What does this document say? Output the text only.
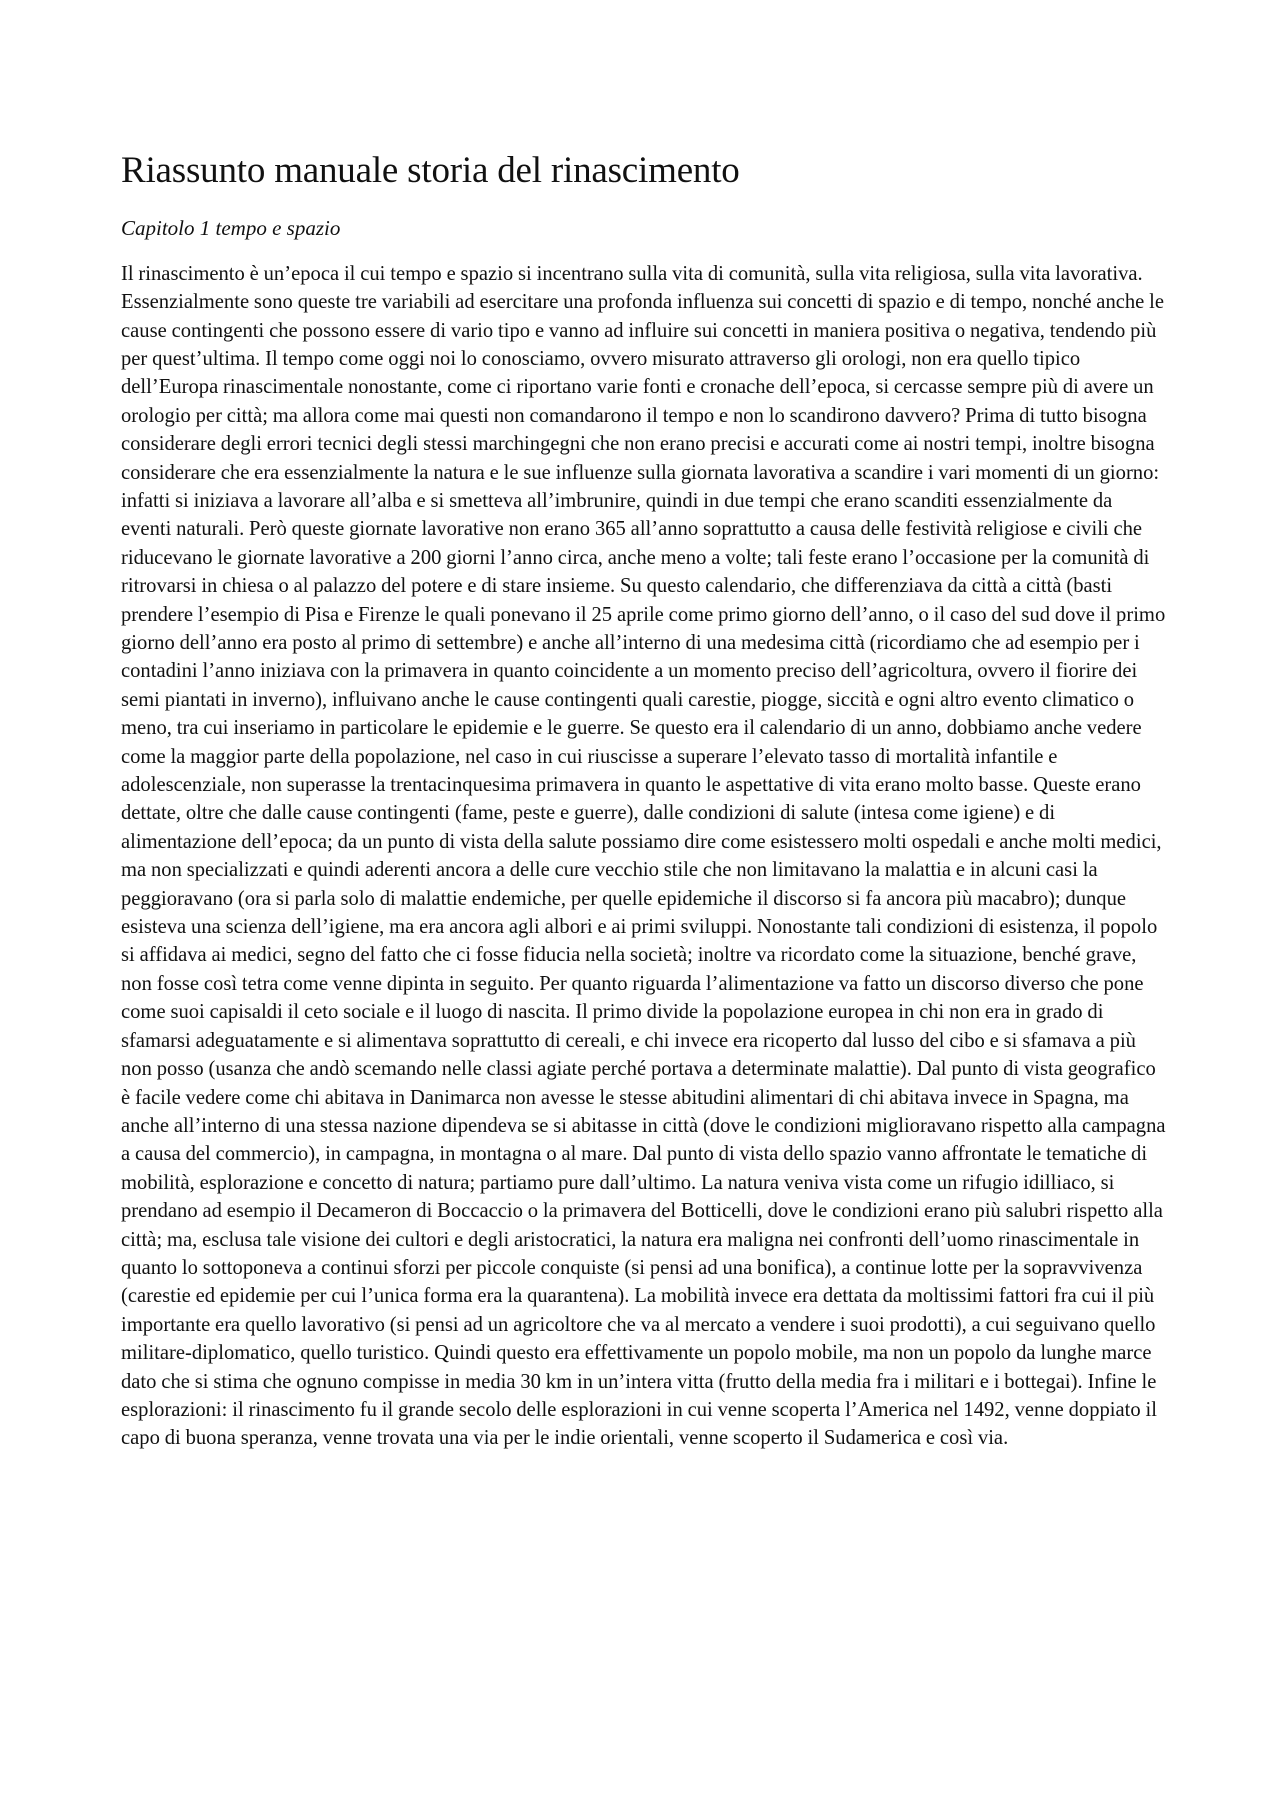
Riassunto manuale storia del rinascimento

Capitolo 1 tempo e spazio

Il rinascimento è un’epoca il cui tempo e spazio si incentrano sulla vita di comunità, sulla vita religiosa, sulla vita lavorativa. Essenzialmente sono queste tre variabili ad esercitare una profonda influenza sui concetti di spazio e di tempo, nonché anche le cause contingenti che possono essere di vario tipo e vanno ad influire sui concetti in maniera positiva o negativa, tendendo più per quest’ultima. Il tempo come oggi noi lo conosciamo, ovvero misurato attraverso gli orologi, non era quello tipico dell’Europa rinascimentale nonostante, come ci riportano varie fonti e cronache dell’epoca, si cercasse sempre più di avere un orologio per città; ma allora come mai questi non comandarono il tempo e non lo scandirono davvero? Prima di tutto bisogna considerare degli errori tecnici degli stessi marchingegni che non erano precisi e accurati come ai nostri tempi, inoltre bisogna considerare che era essenzialmente la natura e le sue influenze sulla giornata lavorativa a scandire i vari momenti di un giorno: infatti si iniziava a lavorare all’alba e si smetteva all’imbrunire, quindi in due tempi che erano scanditi essenzialmente da eventi naturali. Però queste giornate lavorative non erano 365 all’anno soprattutto a causa delle festività religiose e civili che riducevano le giornate lavorative a 200 giorni l’anno circa, anche meno a volte; tali feste erano l’occasione per la comunità di ritrovarsi in chiesa o al palazzo del potere e di stare insieme. Su questo calendario, che differenziava da città a città (basti prendere l’esempio di Pisa e Firenze le quali ponevano il 25 aprile come primo giorno dell’anno, o il caso del sud dove il primo giorno dell’anno era posto al primo di settembre) e anche all’interno di una medesima città (ricordiamo che ad esempio per i contadini l’anno iniziava con la primavera in quanto coincidente a un momento preciso dell’agricoltura, ovvero il fiorire dei semi piantati in inverno), influivano anche le cause contingenti quali carestie, piogge, siccità e ogni altro evento climatico o meno, tra cui inseriamo in particolare le epidemie e le guerre. Se questo era il calendario di un anno, dobbiamo anche vedere come la maggior parte della popolazione, nel caso in cui riuscisse a superare l’elevato tasso di mortalità infantile e adolescenziale, non superasse la trentacinquesima primavera in quanto le aspettative di vita erano molto basse. Queste erano dettate, oltre che dalle cause contingenti (fame, peste e guerre), dalle condizioni di salute (intesa come igiene) e di alimentazione dell’epoca; da un punto di vista della salute possiamo dire come esistessero molti ospedali e anche molti medici, ma non specializzati e quindi aderenti ancora a delle cure vecchio stile che non limitavano la malattia e in alcuni casi la peggioravano (ora si parla solo di malattie endemiche, per quelle epidemiche il discorso si fa ancora più macabro); dunque esisteva una scienza dell’igiene, ma era ancora agli albori e ai primi sviluppi. Nonostante tali condizioni di esistenza, il popolo si affidava ai medici, segno del fatto che ci fosse fiducia nella società; inoltre va ricordato come la situazione, benché grave, non fosse così tetra come venne dipinta in seguito. Per quanto riguarda l’alimentazione va fatto un discorso diverso che pone come suoi capisaldi il ceto sociale e il luogo di nascita. Il primo divide la popolazione europea in chi non era in grado di sfamarsi adeguatamente e si alimentava soprattutto di cereali, e chi invece era ricoperto dal lusso del cibo e si sfamava a più non posso (usanza che andò scemando nelle classi agiate perché portava a determinate malattie). Dal punto di vista geografico è facile vedere come chi abitava in Danimarca non avesse le stesse abitudini alimentari di chi abitava invece in Spagna, ma anche all’interno di una stessa nazione dipendeva se si abitasse in città (dove le condizioni miglioravano rispetto alla campagna a causa del commercio), in campagna, in montagna o al mare. Dal punto di vista dello spazio vanno affrontate le tematiche di mobilità, esplorazione e concetto di natura; partiamo pure dall’ultimo. La natura veniva vista come un rifugio idilliaco, si prendano ad esempio il Decameron di Boccaccio o la primavera del Botticelli, dove le condizioni erano più salubri rispetto alla città; ma, esclusa tale visione dei cultori e degli aristocratici, la natura era maligna nei confronti dell’uomo rinascimentale in quanto lo sottoponeva a continui sforzi per piccole conquiste (si pensi ad una bonifica), a continue lotte per la sopravvivenza (carestie ed epidemie per cui l’unica forma era la quarantena). La mobilità invece era dettata da moltissimi fattori fra cui il più importante era quello lavorativo (si pensi ad un agricoltore che va al mercato a vendere i suoi prodotti), a cui seguivano quello militare-diplomatico, quello turistico. Quindi questo era effettivamente un popolo mobile, ma non un popolo da lunghe marce dato che si stima che ognuno compisse in media 30 km in un’intera vitta (frutto della media fra i militari e i bottegai). Infine le esplorazioni: il rinascimento fu il grande secolo delle esplorazioni in cui venne scoperta l’America nel 1492, venne doppiato il capo di buona speranza, venne trovata una via per le indie orientali, venne scoperto il Sudamerica e così via.
